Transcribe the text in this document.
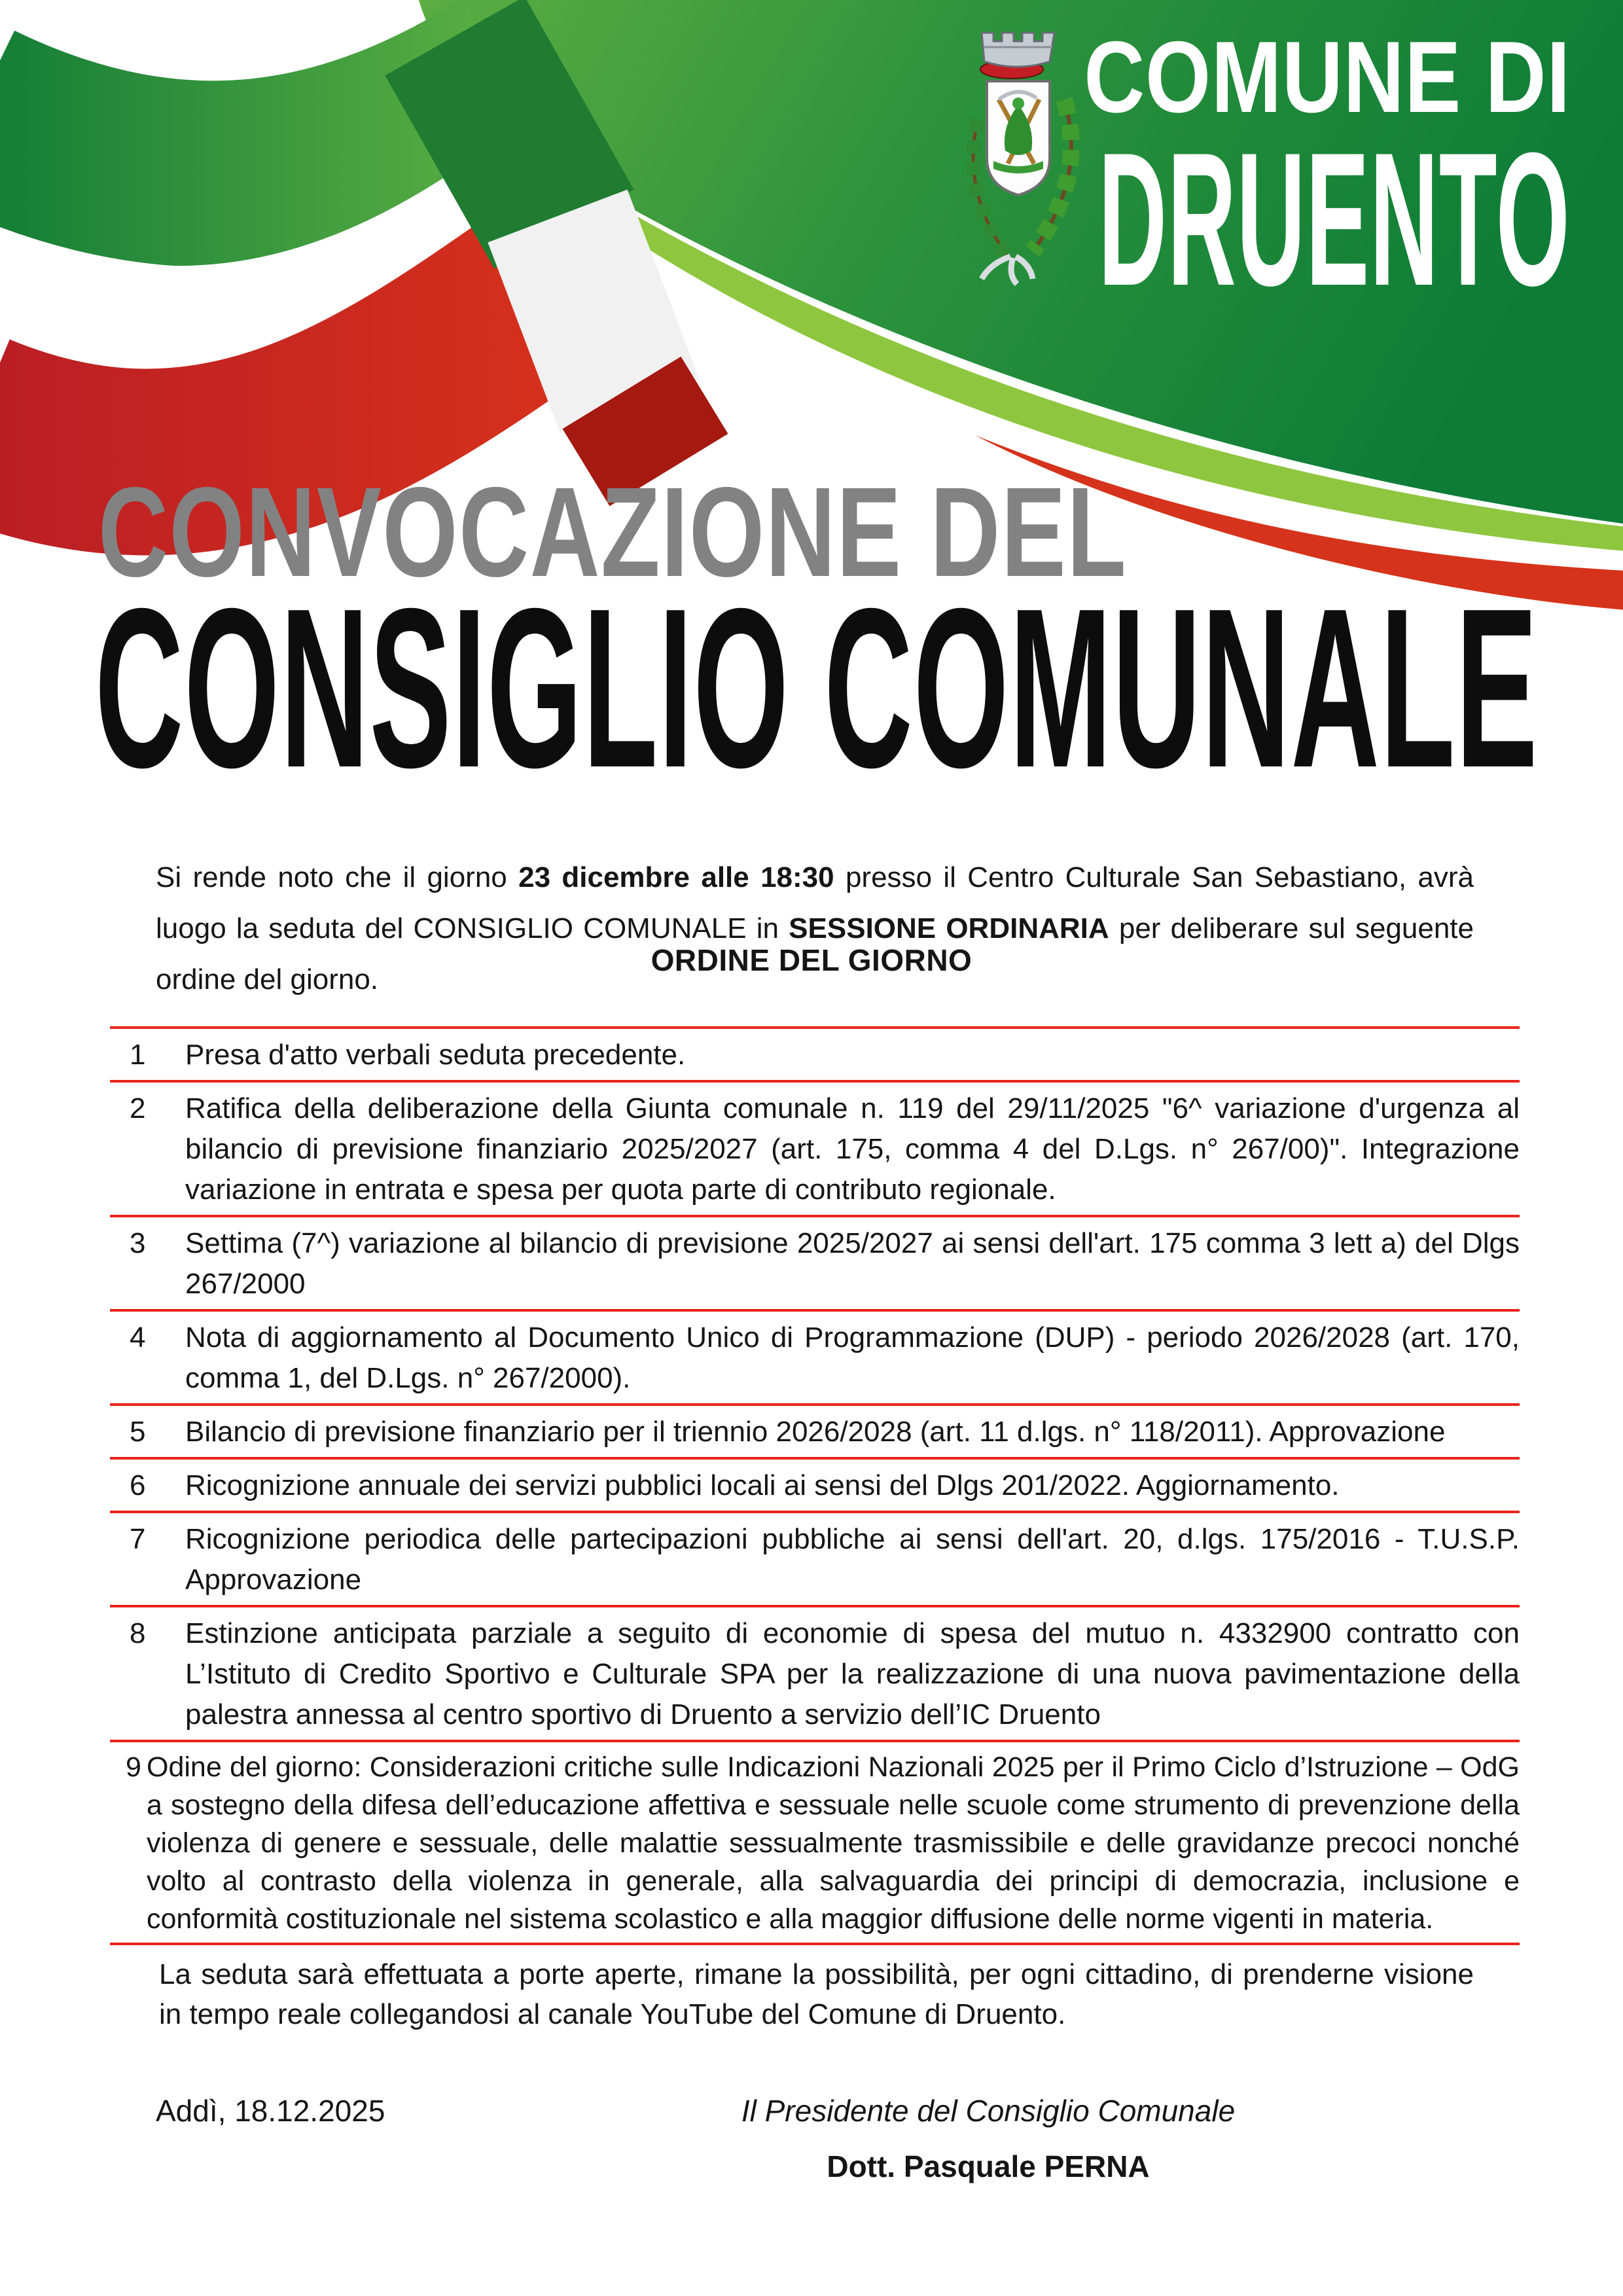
COMUNE DI
DRUENTO
CONVOCAZIONE DEL
CONSIGLIO COMUNALE

Si rende noto che il giorno 23 dicembre alle 18:30 presso il Centro Culturale San Sebastiano, avrà luogo la seduta del CONSIGLIO COMUNALE in SESSIONE ORDINARIA per deliberare sul seguente ordine del giorno.

ORDINE DEL GIORNO
1	Presa d'atto verbali seduta precedente.
2	Ratifica della deliberazione della Giunta comunale n. 119 del 29/11/2025 "6^ variazione d'urgenza al bilancio di previsione finanziario 2025/2027 (art. 175, comma 4 del D.Lgs. n° 267/00)". Integrazione variazione in entrata e spesa per quota parte di contributo regionale.
3	Settima (7^) variazione al bilancio di previsione 2025/2027 ai sensi dell'art. 175 comma 3 lett a) del Dlgs 267/2000
4	Nota di aggiornamento al Documento Unico di Programmazione (DUP) - periodo 2026/2028 (art. 170, comma 1, del D.Lgs. n° 267/2000).
5	Bilancio di previsione finanziario per il triennio 2026/2028 (art. 11 d.lgs. n° 118/2011). Approvazione
6	Ricognizione annuale dei servizi pubblici locali ai sensi del Dlgs 201/2022. Aggiornamento.
7	Ricognizione periodica delle partecipazioni pubbliche ai sensi dell'art. 20, d.lgs. 175/2016 - T.U.S.P. Approvazione
8	Estinzione anticipata parziale a seguito di economie di spesa del mutuo n. 4332900 contratto con L’Istituto di Credito Sportivo e Culturale SPA per la realizzazione di una nuova pavimentazione della palestra annessa al centro sportivo di Druento a servizio dell’IC Druento
9 Odine del giorno: Considerazioni critiche sulle Indicazioni Nazionali 2025 per il Primo Ciclo d’Istruzione – OdG a sostegno della difesa dell’educazione affettiva e sessuale nelle scuole come strumento di prevenzione della violenza di genere e sessuale, delle malattie sessualmente trasmissibile e delle gravidanze precoci nonché volto al contrasto della violenza in generale, alla salvaguardia dei principi di democrazia, inclusione e conformità costituzionale nel sistema scolastico e alla maggior diffusione delle norme vigenti in materia.
La seduta sarà effettuata a porte aperte, rimane la possibilità, per ogni cittadino, di prenderne visione in tempo reale collegandosi al canale YouTube del Comune di Druento.
Addì, 18.12.2025	Il Presidente del Consiglio Comunale
Dott. Pasquale PERNA
